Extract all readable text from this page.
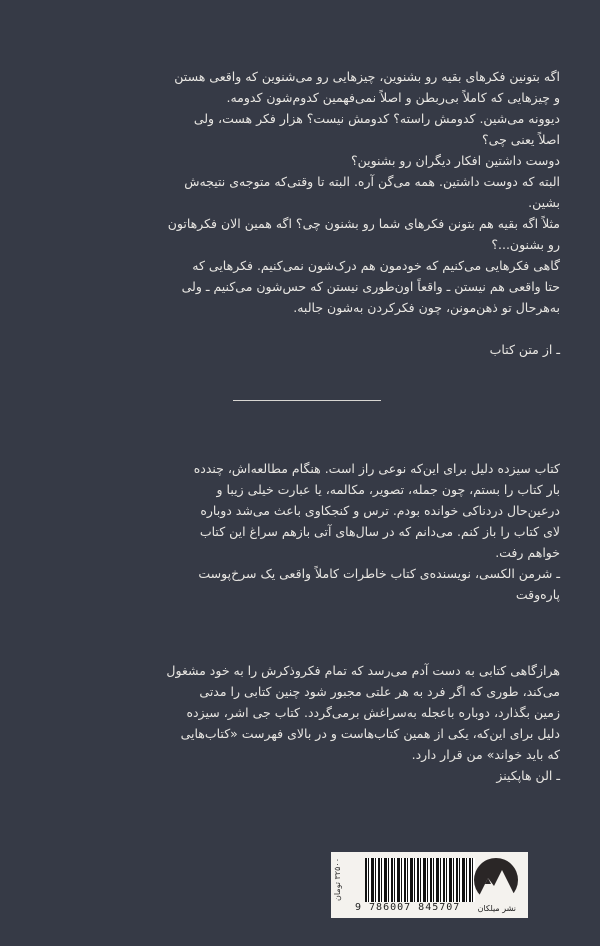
اگه بتونین فکرهای بقیه رو بشنوین، چیزهایی رو می‌شنوین که واقعی هستن
و چیزهایی که کاملاً بی‌ربطن و اصلاً نمی‌فهمین کدوم‌شون کدومه.
دیوونه می‌شین. کدومش راسته؟ کدومش نیست؟ هزار فکر هست، ولی
اصلاً یعنی چی؟
دوست داشتین افکار دیگران رو بشنوین؟
البته که دوست داشتین. همه می‌گن آره. البته تا وقتی‌که متوجه‌ی نتیجه‌ش
بشین.
مثلاً اگه بقیه هم بتونن فکرهای شما رو بشنون چی؟ اگه همین الان فکرهاتون
رو بشنون...؟
گاهی فکرهایی می‌کنیم که خودمون هم درک‌شون نمی‌کنیم. فکرهایی که
حتا واقعی هم نیستن ـ واقعاً اون‌طوری نیستن که حس‌شون می‌کنیم ـ ولی
به‌هرحال تو ذهن‌مونن، چون فکرکردن به‌شون جالبه.
ـ از متن کتاب
کتاب سیزده دلیل برای این‌که نوعی راز است. هنگام مطالعه‌اش، چندده
بار کتاب را بستم، چون جمله، تصویر، مکالمه، یا عبارت خیلی زیبا و
درعین‌حال دردناکی خوانده بودم. ترس و کنجکاوی باعث می‌شد دوباره
لای کتاب را باز کنم. می‌دانم که در سال‌های آتی بازهم سراغ این کتاب
خواهم رفت.
ـ شرمن الکسی، نویسنده‌ی کتاب خاطرات کاملاً واقعی یک سرخ‌پوست
پاره‌وقت
هرازگاهی کتابی به دست آدم می‌رسد که تمام فکروذکرش را به خود مشغول
می‌کند، طوری که اگر فرد به هر علتی مجبور شود چنین کتابی را مدتی
زمین بگذارد، دوباره باعجله به‌سراغش برمی‌گردد. کتاب جی اشر، سیزده
دلیل برای این‌که، یکی از همین کتاب‌هاست و در بالای فهرست «کتاب‌هایی
که باید خواند» من قرار دارد.
ـ الن هاپکینز
۳۲۵۰۰ تومان
9 786007 845707 نشر میلکان
